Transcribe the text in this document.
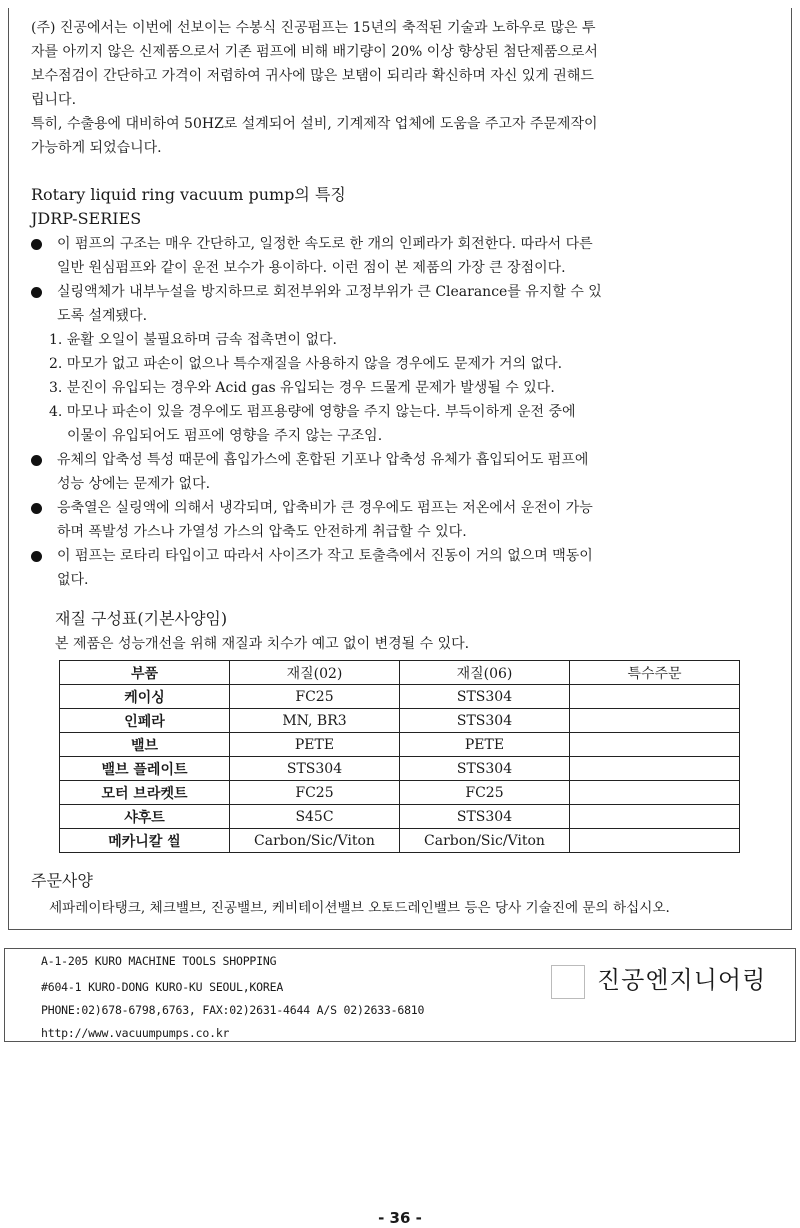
(주) 진공에서는 이번에 선보이는 수봉식 진공펌프는 15년의 축적된 기술과 노하우로 많은 투
자를 아끼지 않은 신제품으로서 기존 펌프에 비해 배기량이 20% 이상 향상된 첨단제품으로서
보수점검이 간단하고 가격이 저렴하여 귀사에 많은 보탬이 되리라 확신하며 자신 있게 권해드
립니다.
특히, 수출용에 대비하여 50HZ로 설계되어 설비, 기계제작 업체에 도움을 주고자 주문제작이
가능하게 되었습니다.
Rotary liquid ring vacuum pump의 특징
JDRP-SERIES
이 펌프의 구조는 매우 간단하고, 일정한 속도로 한 개의 인페라가 회전한다. 따라서 다른
일반 원심펌프와 같이 운전 보수가 용이하다. 이런 점이 본 제품의 가장 큰 장점이다.
실링액체가 내부누설을 방지하므로 회전부위와 고정부위가 큰 Clearance를 유지할 수 있
도록 설계됐다.
1. 윤활 오일이 불필요하며 금속 접촉면이 없다.
2. 마모가 없고 파손이 없으나 특수재질을 사용하지 않을 경우에도 문제가 거의 없다.
3. 분진이 유입되는 경우와 Acid gas 유입되는 경우 드물게 문제가 발생될 수 있다.
4. 마모나 파손이 있을 경우에도 펌프용량에 영향을 주지 않는다. 부득이하게 운전 중에
이물이 유입되어도 펌프에 영향을 주지 않는 구조임.
유체의 압축성 특성 때문에 흡입가스에 혼합된 기포나 압축성 유체가 흡입되어도 펌프에
성능 상에는 문제가 없다.
응축열은 실링액에 의해서 냉각되며, 압축비가 큰 경우에도 펌프는 저온에서 운전이 가능
하며 폭발성 가스나 가열성 가스의 압축도 안전하게 취급할 수 있다.
이 펌프는 로타리 타입이고 따라서 사이즈가 작고 토출측에서 진동이 거의 없으며 맥동이
없다.
재질 구성표(기본사양임)
본 제품은 성능개선을 위해 재질과 치수가 예고 없이 변경될 수 있다.
부품	재질(02)	재질(06)	특수주문
케이싱	FC25	STS304	
인페라	MN, BR3	STS304	
밸브	PETE	PETE	
밸브 플레이트	STS304	STS304	
모터 브라켓트	FC25	FC25	
샤후트	S45C	STS304	
메카니칼 씰	Carbon/Sic/Viton	Carbon/Sic/Viton	
주문사양
세파레이타탱크, 체크밸브, 진공밸브, 케비테이션밸브 오토드레인밸브 등은 당사 기술진에 문의 하십시오.
A-1-205 KURO MACHINE TOOLS SHOPPING
#604-1 KURO-DONG KURO-KU SEOUL,KOREA
PHONE:02)678-6798,6763, FAX:02)2631-4644 A/S 02)2633-6810
http://www.vacuumpumps.co.kr
진공엔지니어링
- 36 -
